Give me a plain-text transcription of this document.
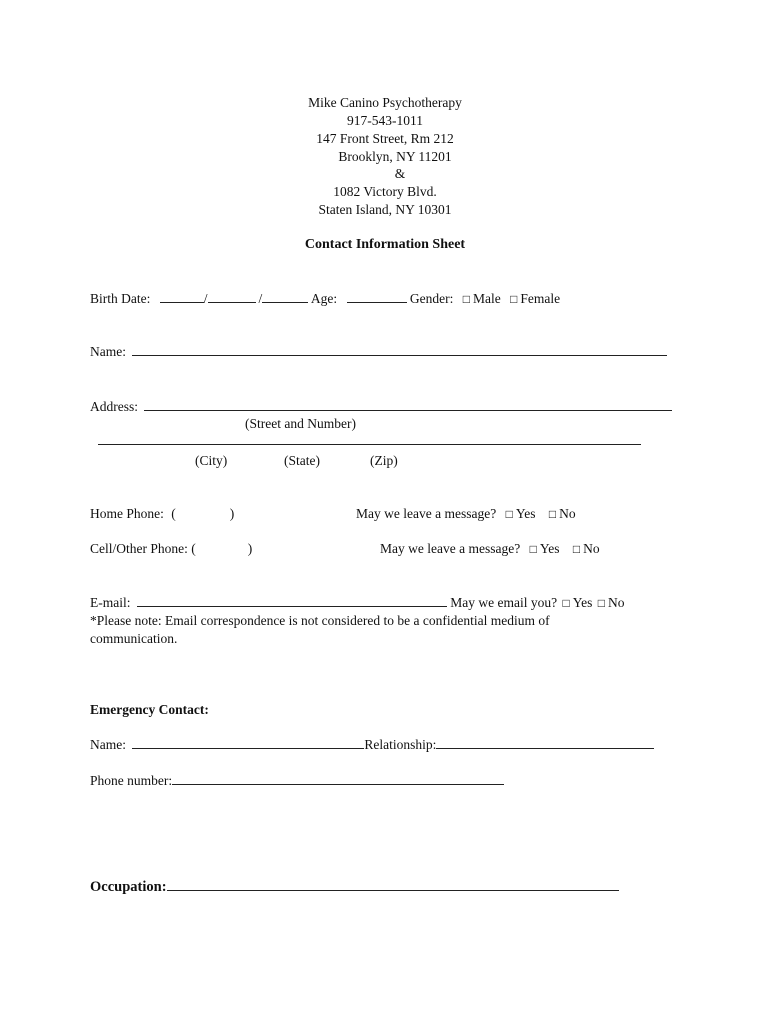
Mike Canino Psychotherapy
917-543-1011
147 Front Street, Rm 212
Brooklyn, NY 11201
&
1082 Victory Blvd.
Staten Island, NY 10301
Contact Information Sheet
Birth Date:	/	/	Age:	Gender: □ Male □ Female
Name:
Address:
(Street and Number)
(City)	(State)	(Zip)
Home Phone: (	)	May we leave a message? □ Yes □ No
Cell/Other Phone: (	)	May we leave a message? □ Yes □ No
E-mail:	May we email you? □ Yes □ No
*Please note: Email correspondence is not considered to be a confidential medium of
communication.
Emergency Contact:
Name:	Relationship:
Phone number:
Occupation:
